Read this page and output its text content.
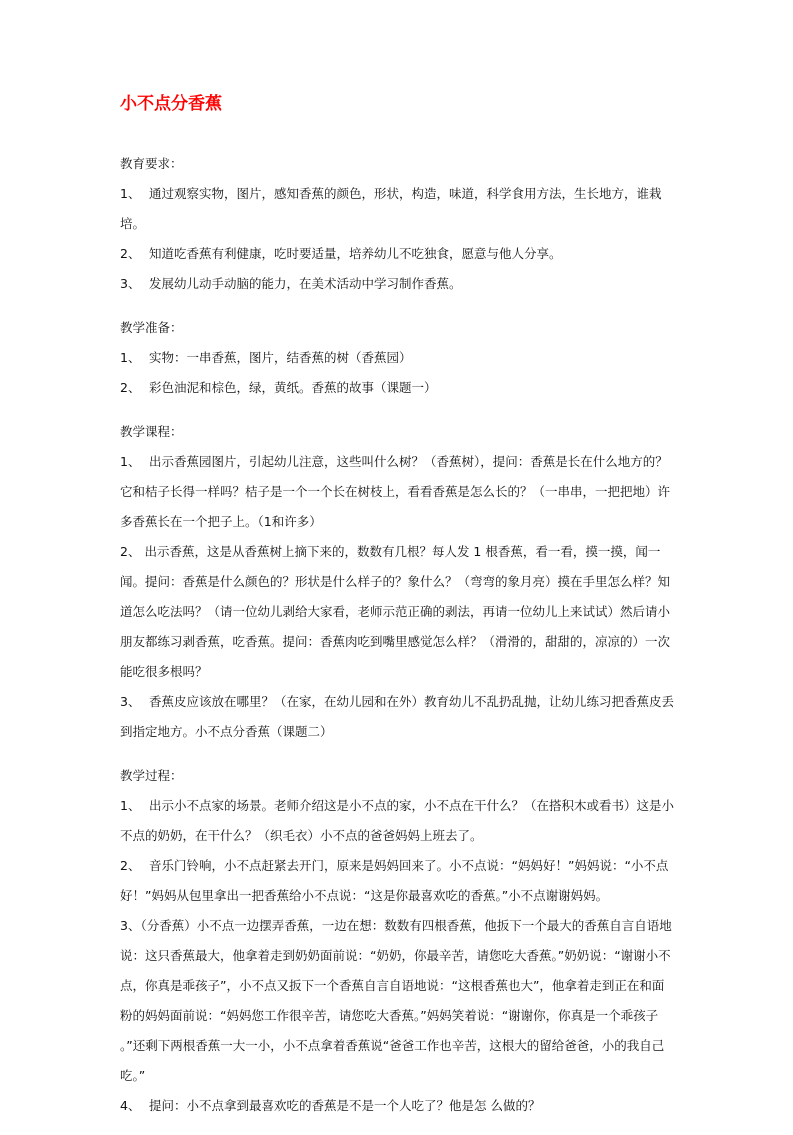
小不点分香蕉

教育要求：

1、 通过观察实物，图片，感知香蕉的颜色，形状，构造，味道，科学食用方法，生长地方，谁栽培。

2、 知道吃香蕉有利健康，吃时要适量，培养幼儿不吃独食，愿意与他人分享。

3、 发展幼儿动手动脑的能力，在美术活动中学习制作香蕉。

教学准备：

1、 实物：一串香蕉，图片，结香蕉的树（香蕉园）

2、 彩色油泥和棕色，绿，黄纸。香蕉的故事（课题一）

教学课程：

1、 出示香蕉园图片，引起幼儿注意，这些叫什么树？（香蕉树），提问：香蕉是长在什么地方的？它和桔子长得一样吗？桔子是一个一个长在树枝上，看看香蕉是怎么长的？（一串串，一把把地）许多香蕉长在一个把子上。（1和许多）

2、 出示香蕉，这是从香蕉树上摘下来的，数数有几根？每人发 1 根香蕉，看一看，摸一摸，闻一闻。提问：香蕉是什么颜色的？形状是什么样子的？象什么？（弯弯的象月亮）摸在手里怎么样？知道怎么吃法吗？（请一位幼儿剥给大家看，老师示范正确的剥法，再请一位幼儿上来试试）然后请小朋友都练习剥香蕉，吃香蕉。提问：香蕉肉吃到嘴里感觉怎么样？（滑滑的，甜甜的，凉凉的）一次能吃很多根吗？

3、 香蕉皮应该放在哪里？（在家，在幼儿园和在外）教育幼儿不乱扔乱抛，让幼儿练习把香蕉皮丢到指定地方。小不点分香蕉（课题二）

教学过程：

1、 出示小不点家的场景。老师介绍这是小不点的家，小不点在干什么？（在搭积木或看书）这是小不点的奶奶，在干什么？（织毛衣）小不点的爸爸妈妈上班去了。

2、 音乐门铃响，小不点赶紧去开门，原来是妈妈回来了。小不点说：“妈妈好！”妈妈说：“小不点好！”妈妈从包里拿出一把香蕉给小不点说：“这是你最喜欢吃的香蕉。”小不点谢谢妈妈。

3、（分香蕉）小不点一边摆弄香蕉，一边在想：数数有四根香蕉，他扳下一个最大的香蕉自言自语地说：这只香蕉最大，他拿着走到奶奶面前说：“奶奶，你最辛苦，请您吃大香蕉。”奶奶说：“谢谢小不点，你真是乖孩子”，小不点又扳下一个香蕉自言自语地说：“这根香蕉也大”，他拿着走到正在和面粉的妈妈面前说：“妈妈您工作很辛苦，请您吃大香蕉。”妈妈笑着说：“谢谢你，你真是一个乖孩子 。”还剩下两根香蕉一大一小，小不点拿着香蕉说“爸爸工作也辛苦，这根大的留给爸爸，小的我自己吃。”

4、 提问：小不点拿到最喜欢吃的香蕉是不是一个人吃了？他是怎 么做的？
